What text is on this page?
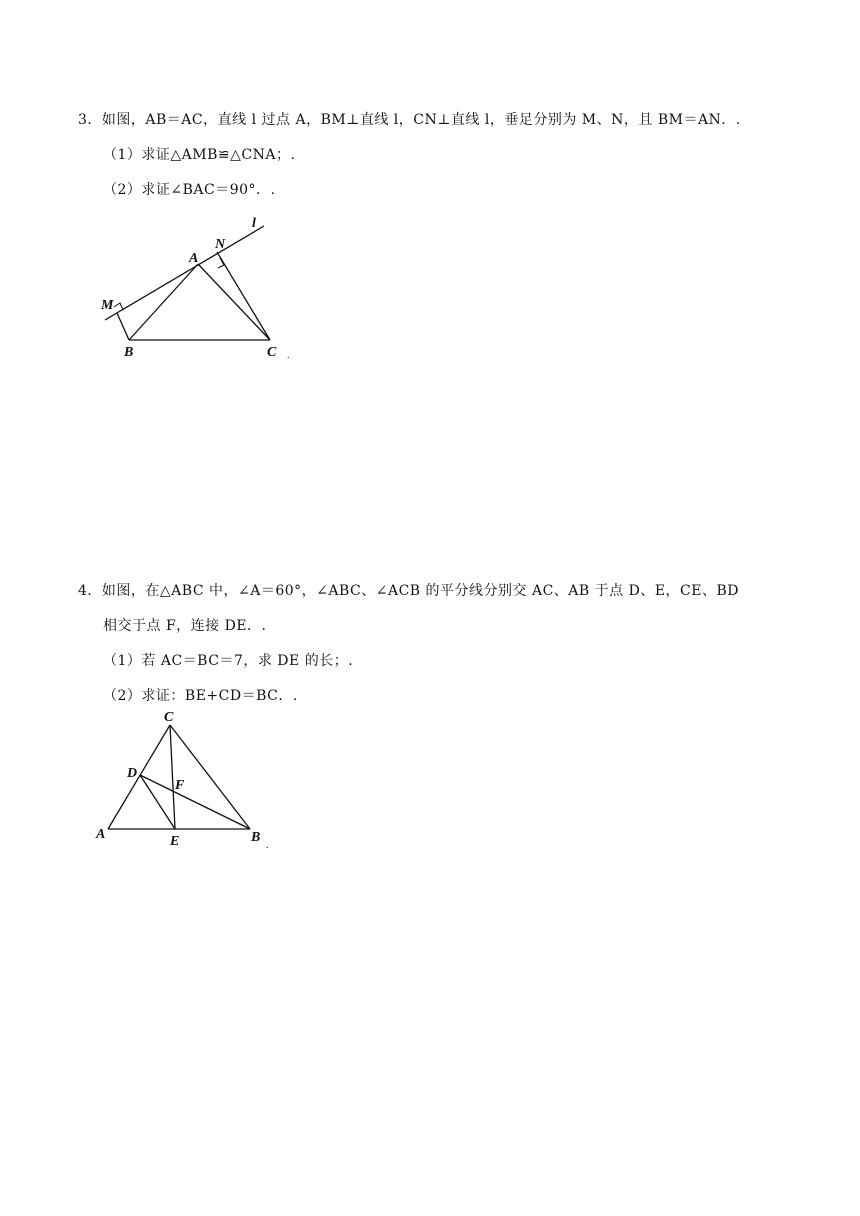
3．如图，AB＝AC，直线 l 过点 A，BM⊥直线 l，CN⊥直线 l，垂足分别为 M、N，且 BM＝AN．.
（1）求证△AMB≌△CNA；.
（2）求证∠BAC＝90°．.
l
N
A
M
B	C .
4．如图，在△ABC 中，∠A＝60°，∠ABC、∠ACB 的平分线分别交 AC、AB 于点 D、E，CE、BD
相交于点 F，连接 DE．.
（1）若 AC＝BC＝7，求 DE 的长；.
（2）求证：BE+CD＝BC．.
C
D
F
A	E	B
.
